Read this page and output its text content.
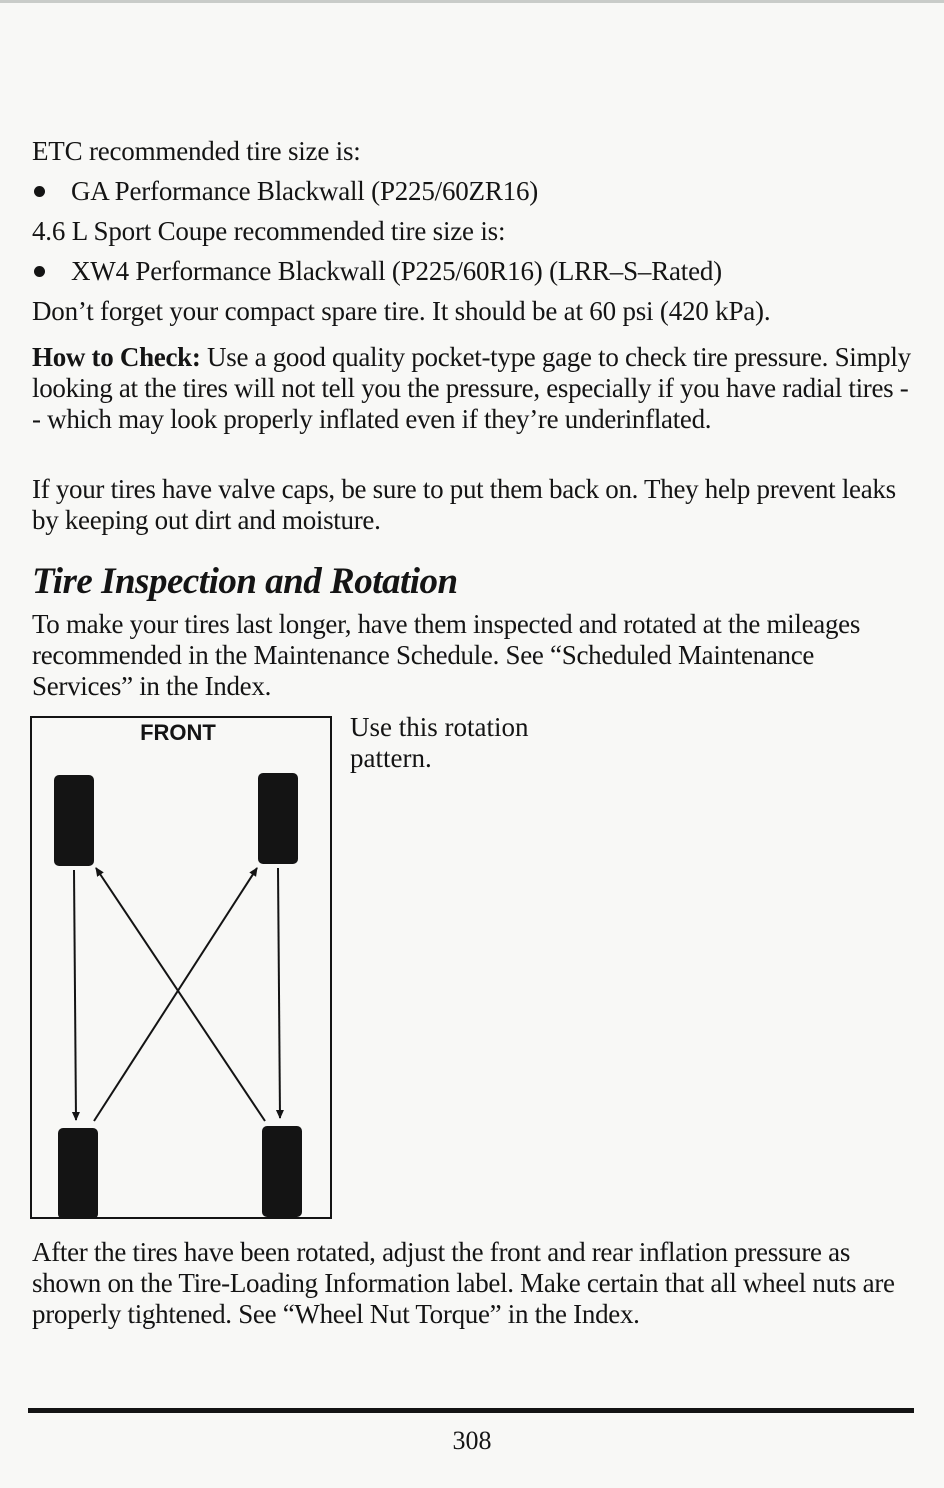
ETC recommended tire size is:
GA Performance Blackwall (P225/60ZR16)
4.6 L Sport Coupe recommended tire size is:
XW4 Performance Blackwall (P225/60R16) (LRR–S–Rated)
Don’t forget your compact spare tire. It should be at 60 psi (420 kPa).
How to Check: Use a good quality pocket-type gage to check tire pressure. Simply looking at the tires will not tell you the pressure, especially if you have radial tires -- which may look properly inflated even if they’re underinflated.
If your tires have valve caps, be sure to put them back on. They help prevent leaks by keeping out dirt and moisture.
Tire Inspection and Rotation
To make your tires last longer, have them inspected and rotated at the mileages recommended in the Maintenance Schedule. See “Scheduled Maintenance Services” in the Index.
FRONT	Use this rotation pattern.
After the tires have been rotated, adjust the front and rear inflation pressure as shown on the Tire-Loading Information label. Make certain that all wheel nuts are properly tightened. See “Wheel Nut Torque” in the Index.
308
